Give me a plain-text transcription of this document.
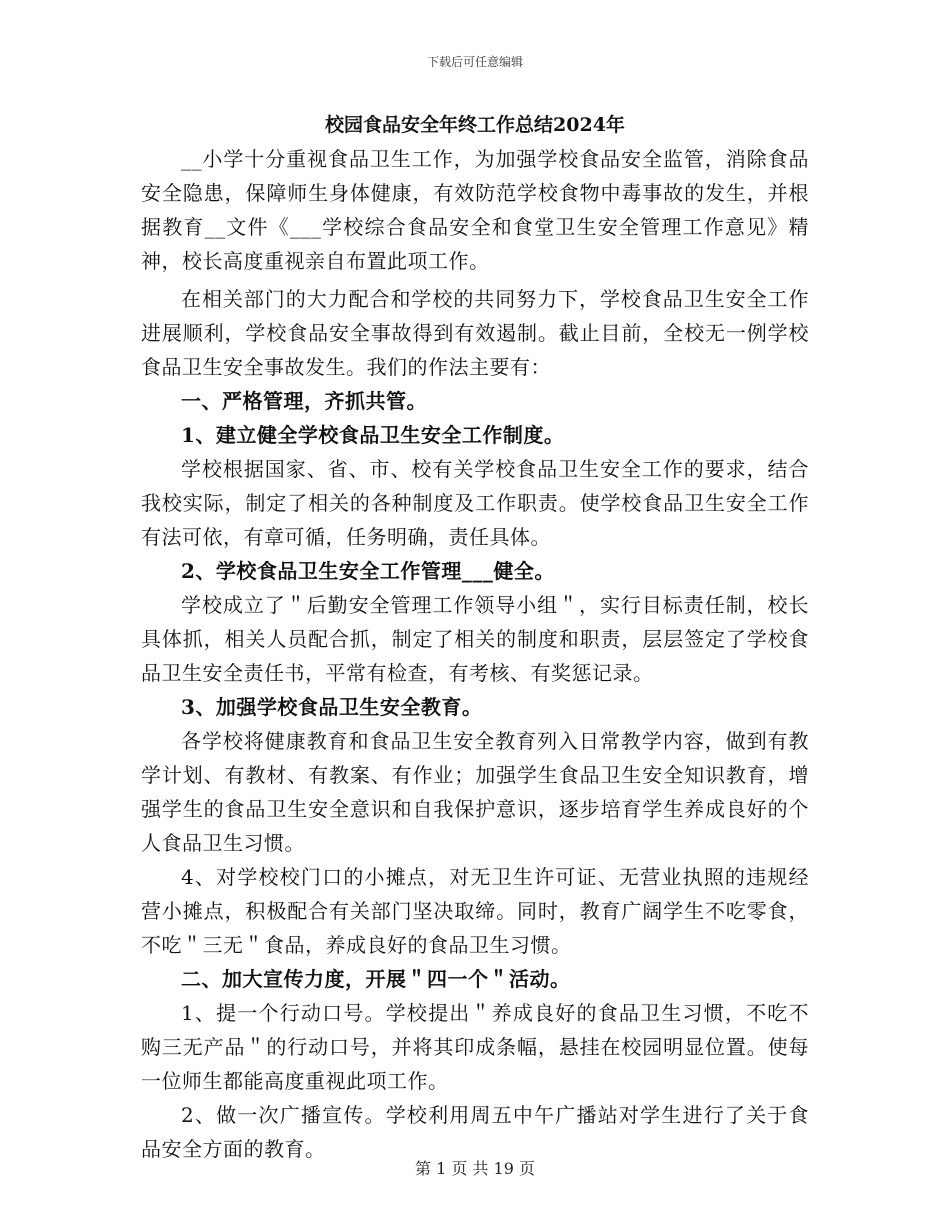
下载后可任意编辑
校园食品安全年终工作总结2024年

__小学十分重视食品卫生工作，为加强学校食品安全监管，消除食品安全隐患，保障师生身体健康，有效防范学校食物中毒事故的发生，并根据教育__文件《___学校综合食品安全和食堂卫生安全管理工作意见》精神，校长高度重视亲自布置此项工作。

在相关部门的大力配合和学校的共同努力下，学校食品卫生安全工作进展顺利，学校食品安全事故得到有效遏制。截止目前，全校无一例学校食品卫生安全事故发生。我们的作法主要有：

一、严格管理，齐抓共管。

1、建立健全学校食品卫生安全工作制度。

学校根据国家、省、市、校有关学校食品卫生安全工作的要求，结合我校实际，制定了相关的各种制度及工作职责。使学校食品卫生安全工作有法可依，有章可循，任务明确，责任具体。

2、学校食品卫生安全工作管理___健全。

学校成立了＂后勤安全管理工作领导小组＂，实行目标责任制，校长具体抓，相关人员配合抓，制定了相关的制度和职责，层层签定了学校食品卫生安全责任书，平常有检查，有考核、有奖惩记录。

3、加强学校食品卫生安全教育。

各学校将健康教育和食品卫生安全教育列入日常教学内容，做到有教学计划、有教材、有教案、有作业；加强学生食品卫生安全知识教育，增强学生的食品卫生安全意识和自我保护意识，逐步培育学生养成良好的个人食品卫生习惯。

4、对学校校门口的小摊点，对无卫生许可证、无营业执照的违规经营小摊点，积极配合有关部门坚决取缔。同时，教育广阔学生不吃零食，不吃＂三无＂食品，养成良好的食品卫生习惯。

二、加大宣传力度，开展＂四一个＂活动。

1、提一个行动口号。学校提出＂养成良好的食品卫生习惯，不吃不购三无产品＂的行动口号，并将其印成条幅，悬挂在校园明显位置。使每一位师生都能高度重视此项工作。

2、做一次广播宣传。学校利用周五中午广播站对学生进行了关于食品安全方面的教育。

第 1 页 共 19 页
